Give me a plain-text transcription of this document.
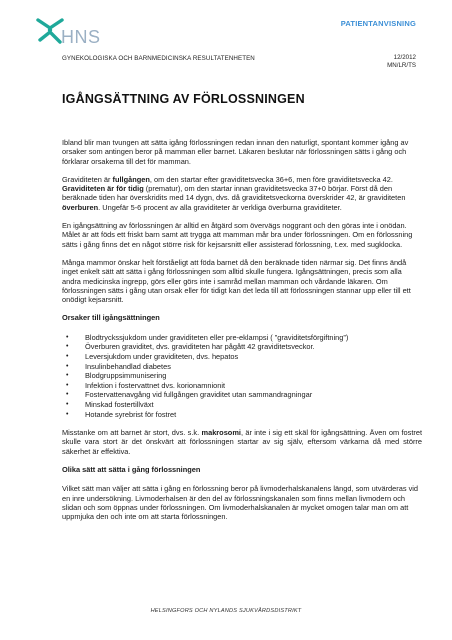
HNS
PATIENTANVISNING
GYNEKOLOGISKA OCH BARNMEDICINSKA RESULTATENHETEN	12/2012
MN/LR/TS
IGÅNGSÄTTNING AV FÖRLOSSNINGEN

Ibland blir man tvungen att sätta igång förlossningen redan innan den naturligt, spontant kommer igång av orsaker som antingen beror på mamman eller barnet. Läkaren beslutar när förlossningen sätts i gång och förklarar orsakerna till det för mamman.

Graviditeten är fullgången, om den startar efter graviditetsvecka 36+6, men före graviditetsvecka 42. Graviditeten är för tidig (prematur), om den startar innan graviditetsvecka 37+0 börjar. Först då den beräknade tiden har överskridits med 14 dygn, dvs. då graviditetsveckorna överskrider 42, är graviditeten överburen. Ungefär 5-6 procent av alla graviditeter är verkliga överburna graviditeter.

En igångsättning av förlossningen är alltid en åtgärd som övervägs noggrant och den göras inte i onödan. Målet är att föds ett friskt barn samt att trygga att mamman mår bra under förlossningen. Om en förlossning sätts i gång finns det en något större risk för kejsarsnitt eller assisterad förlossning, t.ex. med sugklocka.

Många mammor önskar helt förståeligt att föda barnet då den beräknade tiden närmar sig. Det finns ändå inget enkelt sätt att sätta i gång förlossningen som alltid skulle fungera. Igångsättningen, precis som alla andra medicinska ingrepp, görs eller görs inte i samråd mellan mamman och vårdande läkaren. Om förlossningen sätts i gång utan orsak eller för tidigt kan det leda till att förlossningen stannar upp eller till ett onödigt kejsarsnitt.

Orsaker till igångsättningen
• Blodtryckssjukdom under graviditeten eller pre-eklampsi ( ”graviditetsförgiftning”)
• Överburen graviditet, dvs. graviditeten har pågått 42 graviditetsveckor.
• Leversjukdom under graviditeten, dvs. hepatos
• Insulinbehandlad diabetes
• Blodgruppsimmunisering
• Infektion i fostervattnet dvs. korionamnionit
• Fostervattenavgång vid fullgången graviditet utan sammandragningar
• Minskad fostertillväxt
• Hotande syrebrist för fostret

Misstanke om att barnet är stort, dvs. s.k. makrosomi, är inte i sig ett skäl för igångsättning. Även om fostret skulle vara stort är det önskvärt att förlossningen startar av sig själv, eftersom värkarna då med större säkerhet är effektiva.

Olika sätt att sätta i gång förlossningen

Vilket sätt man väljer att sätta i gång en förlossning beror på livmoderhalskanalens längd, som utvärderas vid en inre undersökning. Livmoderhalsen är den del av förlossningskanalen som finns mellan livmodern och slidan och som öppnas under förlossningen. Om livmoderhalskanalen är mycket omogen talar man om att uppmjuka den och inte om att starta förlossningen.

HELSINGFORS OCH NYLANDS SJUKVÅRDSDISTRIKT
